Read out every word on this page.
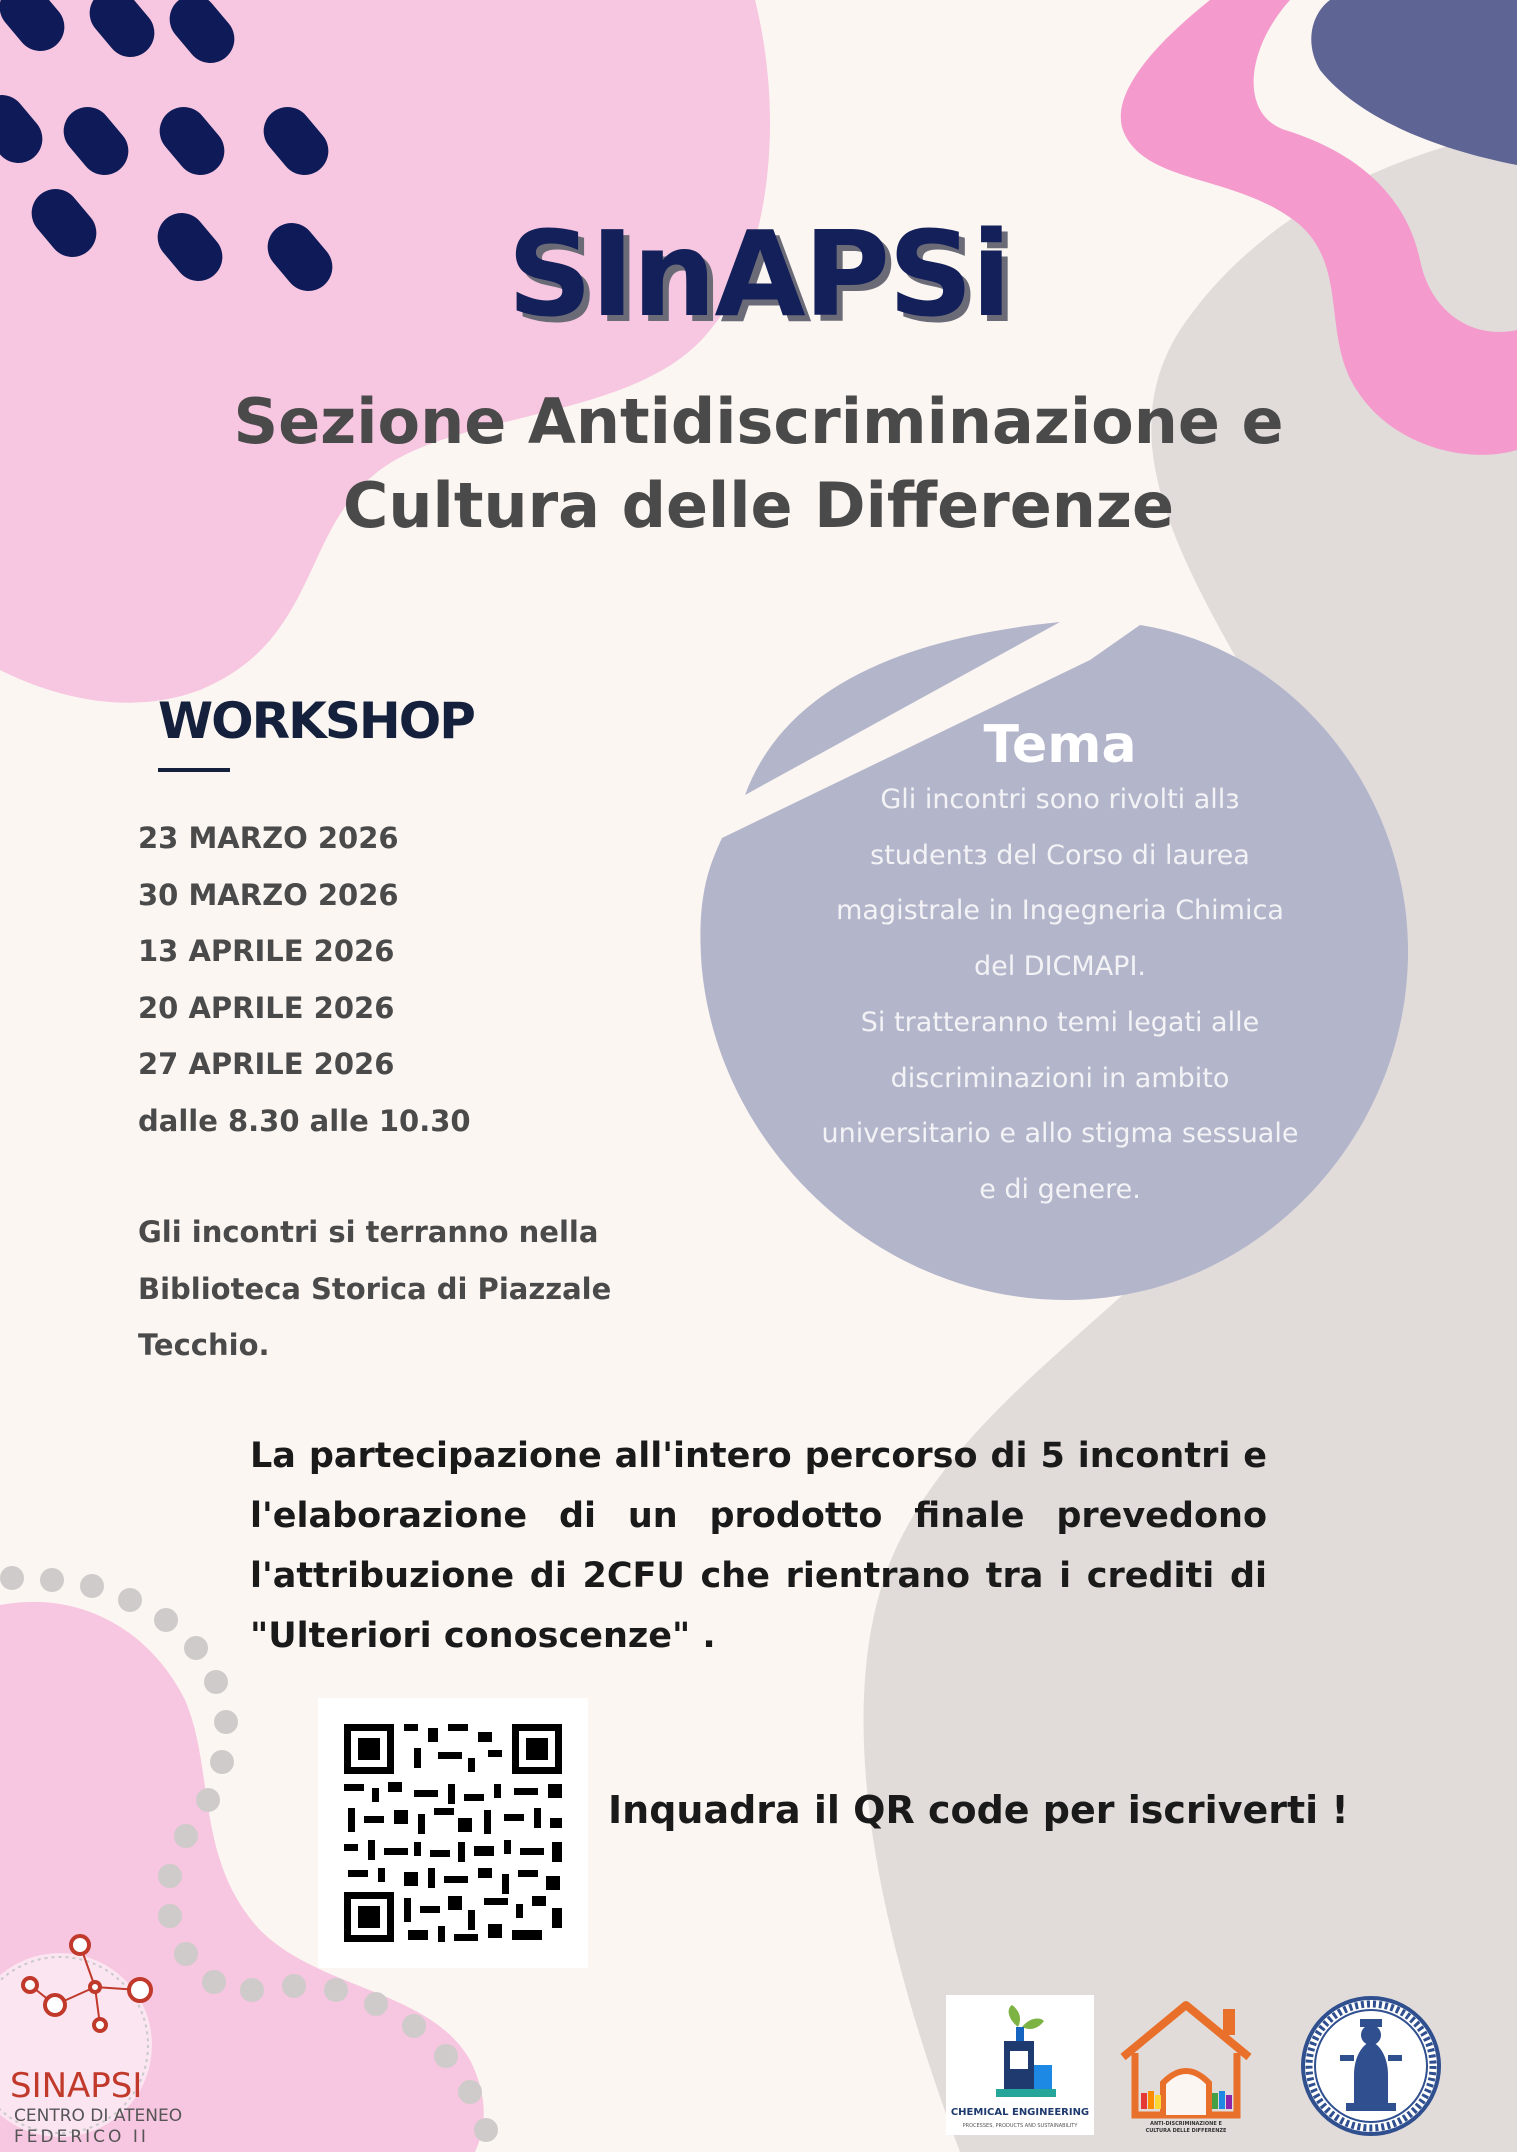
SInAPSi
Sezione Antidiscriminazione e Cultura delle Differenze
WORKSHOP
23 MARZO 2026
30 MARZO 2026
13 APRILE 2026
20 APRILE 2026
27 APRILE 2026
dalle 8.30 alle 10.30
Gli incontri si terranno nella Biblioteca Storica di Piazzale Tecchio.
Tema
Gli incontri sono rivolti allз
studentз del Corso di laurea
magistrale in Ingegneria Chimica
del DICMAPI.
Si tratteranno temi legati alle
discriminazioni in ambito
universitario e allo stigma sessuale
e di genere.
La partecipazione all'intero percorso di 5 incontri e l'elaborazione di un prodotto finale prevedono l'attribuzione di 2CFU che rientrano tra i crediti di "Ulteriori conoscenze" .
Inquadra il QR code per iscriverti !
SINAPSI
CENTRO DI ATENEO
FEDERICO II
CHEMICAL ENGINEERING
PROCESSES, PRODUCTS AND SUSTAINABILITY	ANTI-DISCRIMINAZIONE E
CULTURA DELLE DIFFERENZE
